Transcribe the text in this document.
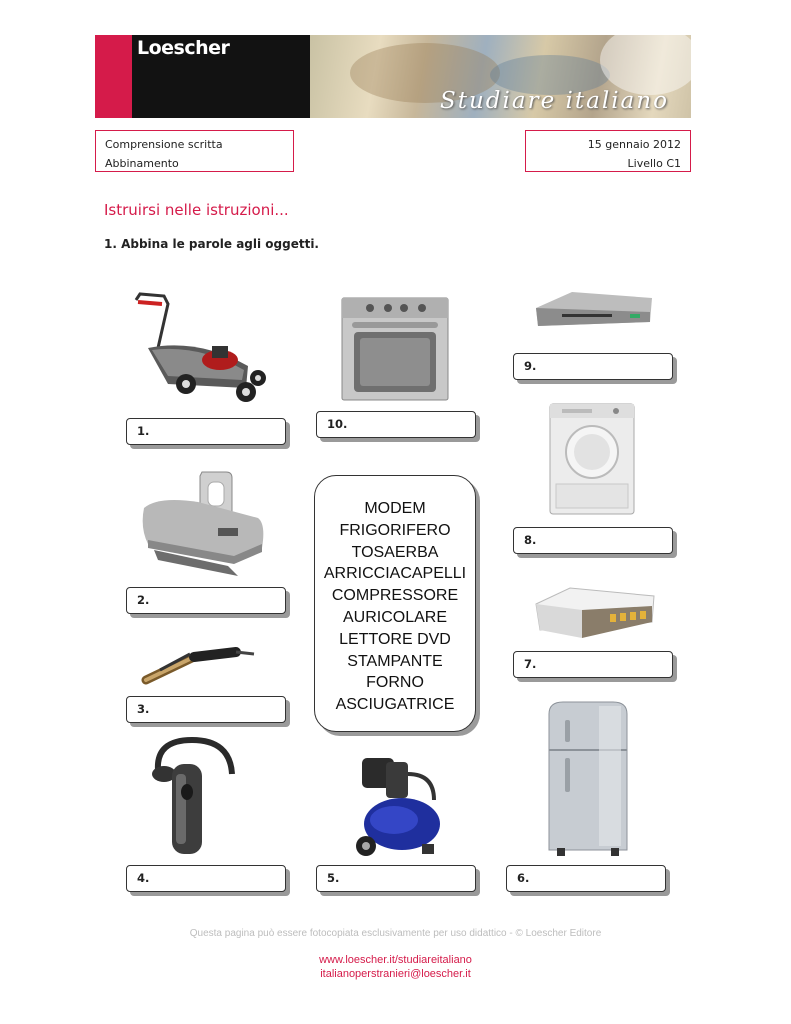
Loescher
Studiare italiano
Comprensione scritta
Abbinamento
15 gennaio 2012
Livello C1
Istruirsi nelle istruzioni...
1. Abbina le parole agli oggetti.
1.
2.
3.
4.	5.	6.
7.
8.
9.
10.
MODEM
FRIGORIFERO
TOSAERBA
ARRICCIACAPELLI
COMPRESSORE
AURICOLARE
LETTORE DVD
STAMPANTE
FORNO
ASCIUGATRICE
Questa pagina può essere fotocopiata esclusivamente per uso didattico - © Loescher Editore
www.loescher.it/studiareitaliano
italianoperstranieri@loescher.it
